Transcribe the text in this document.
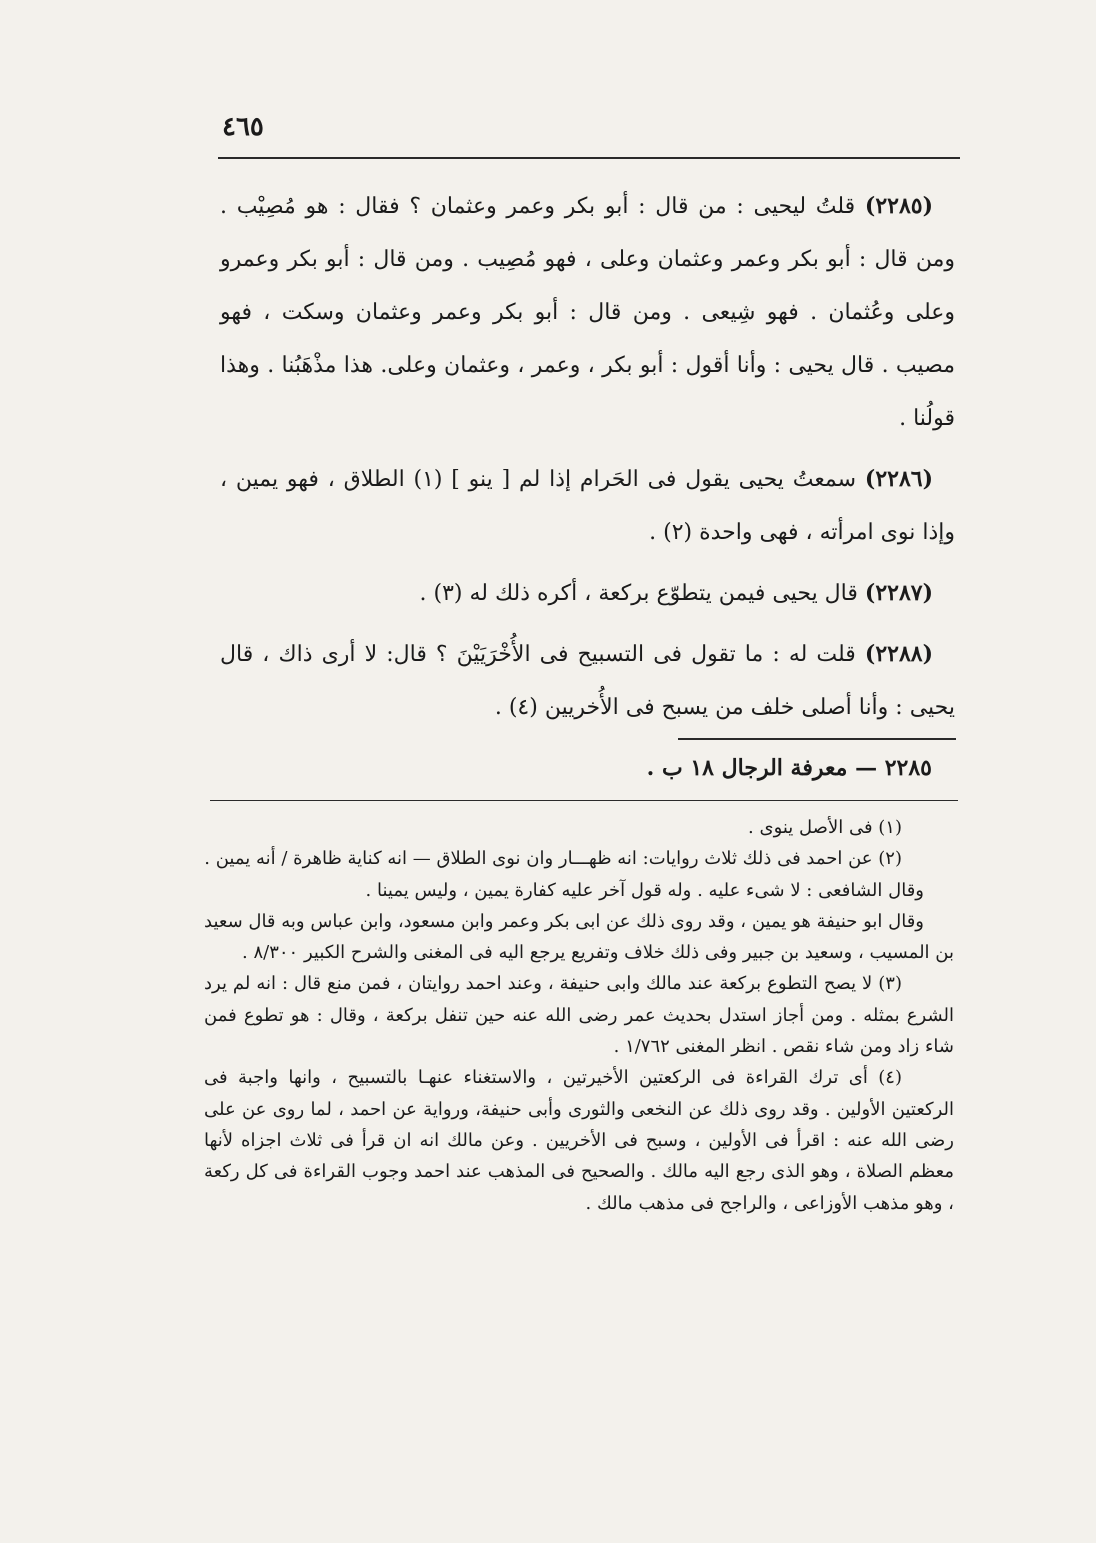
٤٦٥

(٢٢٨٥) قلتُ ليحيى : من قال : أبو بكر وعمر وعثمان ؟ فقال : هو مُصِيْب . ومن قال : أبو بكر وعمر وعثمان وعلى ، فهو مُصِيب . ومن قال : أبو بكر وعمرو وعلى وعُثمان . فهو شِيعى . ومن قال : أبو بكر وعمر وعثمان وسكت ، فهو مصيب . قال يحيى : وأنا أقول : أبو بكر ، وعمر ، وعثمان وعلى. هذا مذْهَبُنا . وهذا قولُنا .

(٢٢٨٦) سمعتُ يحيى يقول فى الحَرام إذا لم [ ينو ] (١) الطلاق ، فهو يمين ، وإذا نوى امرأته ، فهى واحدة (٢) .

(٢٢٨٧) قال يحيى فيمن يتطوّع بركعة ، أكره ذلك له (٣) .

(٢٢٨٨) قلت له : ما تقول فى التسبيح فى الأُخْرَيَيْنَ ؟ قال: لا أرى ذاك ، قال يحيى : وأنا أصلى خلف من يسبح فى الأُخريين (٤) .

٢٢٨٥ — معرفة الرجال ١٨ ب .

(١) فى الأصل ينوى .

(٢) عن احمد فى ذلك ثلاث روايات: انه ظهـــار وان نوى الطلاق — انه كناية ظاهرة / أنه يمين .

وقال الشافعى : لا شىء عليه . وله قول آخر عليه كفارة يمين ، وليس يمينا .

وقال ابو حنيفة هو يمين ، وقد روى ذلك عن ابى بكر وعمر وابن مسعود، وابن عباس وبه قال سعيد بن المسيب ، وسعيد بن جبير وفى ذلك خلاف وتفريع يرجع اليه فى المغنى والشرح الكبير ٨/٣٠٠ .

(٣) لا يصح التطوع بركعة عند مالك وابى حنيفة ، وعند احمد روايتان ، فمن منع قال : انه لم يرد الشرع بمثله . ومن أجاز استدل بحديث عمر رضى الله عنه حين تنفل بركعة ، وقال : هو تطوع فمن شاء زاد ومن شاء نقص . انظر المغنى ١/٧٦٢ .

(٤) أى ترك القراءة فى الركعتين الأخيرتين ، والاستغناء عنهـا بالتسبيح ، وانها واجبة فى الركعتين الأولين . وقد روى ذلك عن النخعى والثورى وأبى حنيفة، ورواية عن احمد ، لما روى عن على رضى الله عنه : اقرأ فى الأولين ، وسبح فى الأخريين . وعن مالك انه ان قرأ فى ثلاث اجزاه لأنها معظم الصلاة ، وهو الذى رجع اليه مالك . والصحيح فى المذهب عند احمد وجوب القراءة فى كل ركعة ، وهو مذهب الأوزاعى ، والراجح فى مذهب مالك .
